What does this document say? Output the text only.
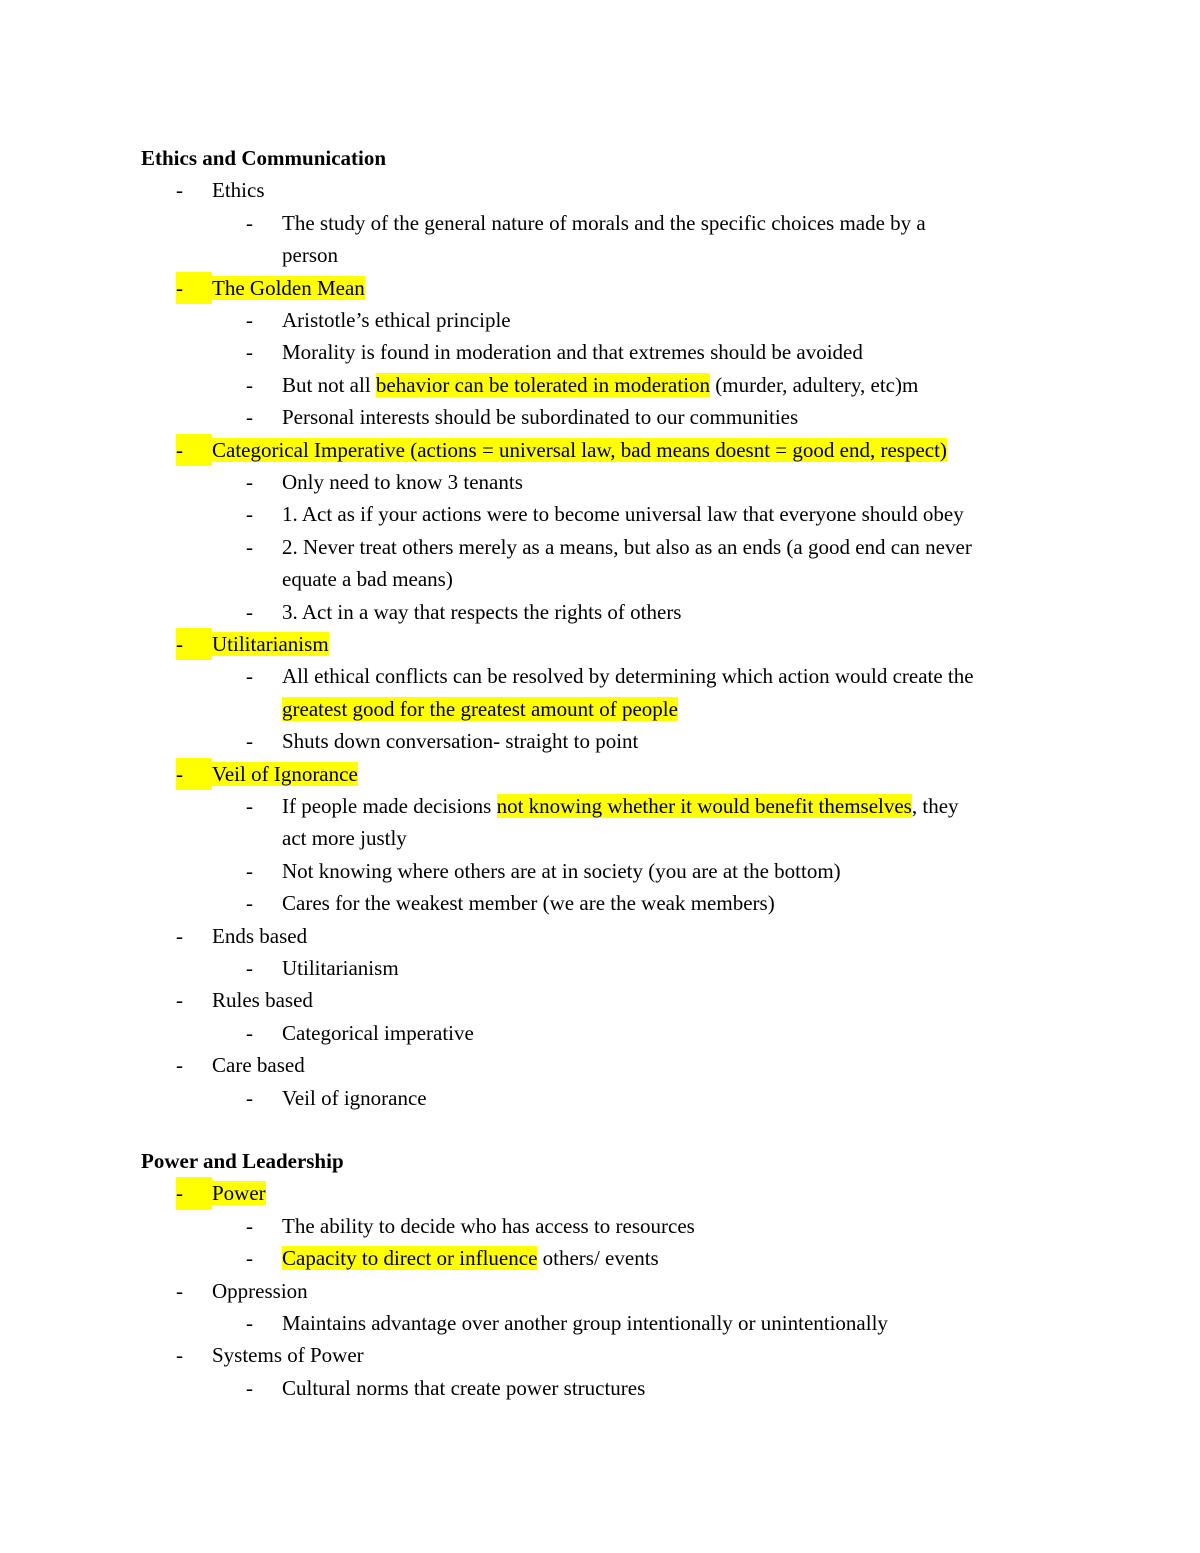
Ethics and Communication
-	Ethics
-	The study of the general nature of morals and the specific choices made by a
person
-	The Golden Mean
-	Aristotle’s ethical principle
-	Morality is found in moderation and that extremes should be avoided
-	But not all behavior can be tolerated in moderation (murder, adultery, etc)m
-	Personal interests should be subordinated to our communities
-	Categorical Imperative (actions = universal law, bad means doesnt = good end, respect)
-	Only need to know 3 tenants
-	1. Act as if your actions were to become universal law that everyone should obey
-	2. Never treat others merely as a means, but also as an ends (a good end can never
equate a bad means)
-	3. Act in a way that respects the rights of others
-	Utilitarianism
-	All ethical conflicts can be resolved by determining which action would create the
greatest good for the greatest amount of people
-	Shuts down conversation- straight to point
-	Veil of Ignorance
-	If people made decisions not knowing whether it would benefit themselves, they
act more justly
-	Not knowing where others are at in society (you are at the bottom)
-	Cares for the weakest member (we are the weak members)
-	Ends based
-	Utilitarianism
-	Rules based
-	Categorical imperative
-	Care based
-	Veil of ignorance
Power and Leadership
-	Power
-	The ability to decide who has access to resources
-	Capacity to direct or influence others/ events
-	Oppression
-	Maintains advantage over another group intentionally or unintentionally
-	Systems of Power
-	Cultural norms that create power structures
